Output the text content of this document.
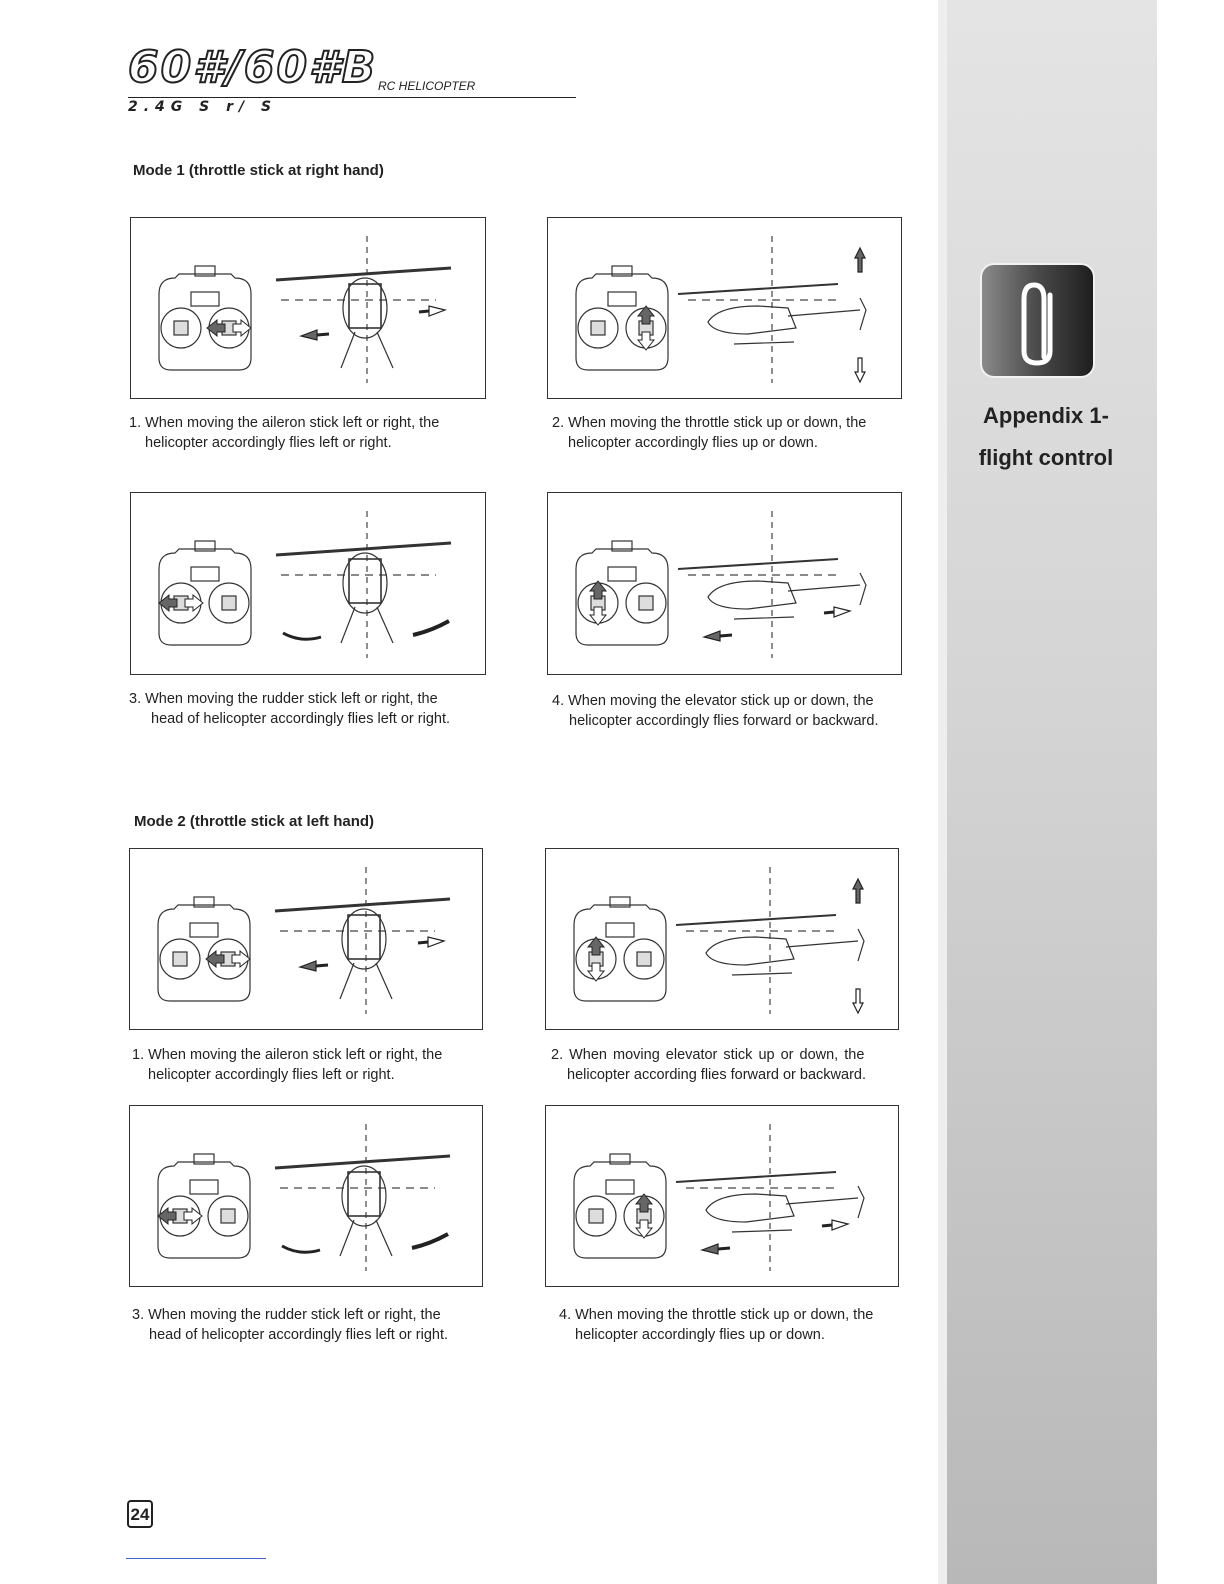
60#/60#B RC HELICOPTER
2.4G S r/ S
Mode 1 (throttle stick at right hand)
1. When moving the aileron stick left or right, the
helicopter accordingly flies left or right.
2. When moving the throttle stick up or down, the
helicopter accordingly flies up or down.
3. When moving the rudder stick left or right, the
head of helicopter accordingly flies left or right.
4. When moving the elevator stick up or down, the
helicopter accordingly flies forward or backward.
Mode 2 (throttle stick at left hand)
1. When moving the aileron stick left or right, the
helicopter accordingly flies left or right.
2. When moving elevator stick up or down, the
helicopter according flies forward or backward.
3. When moving the rudder stick left or right, the
head of helicopter accordingly flies left or right.
4. When moving the throttle stick up or down, the
helicopter accordingly flies up or down.
Appendix 1-
flight control
24
